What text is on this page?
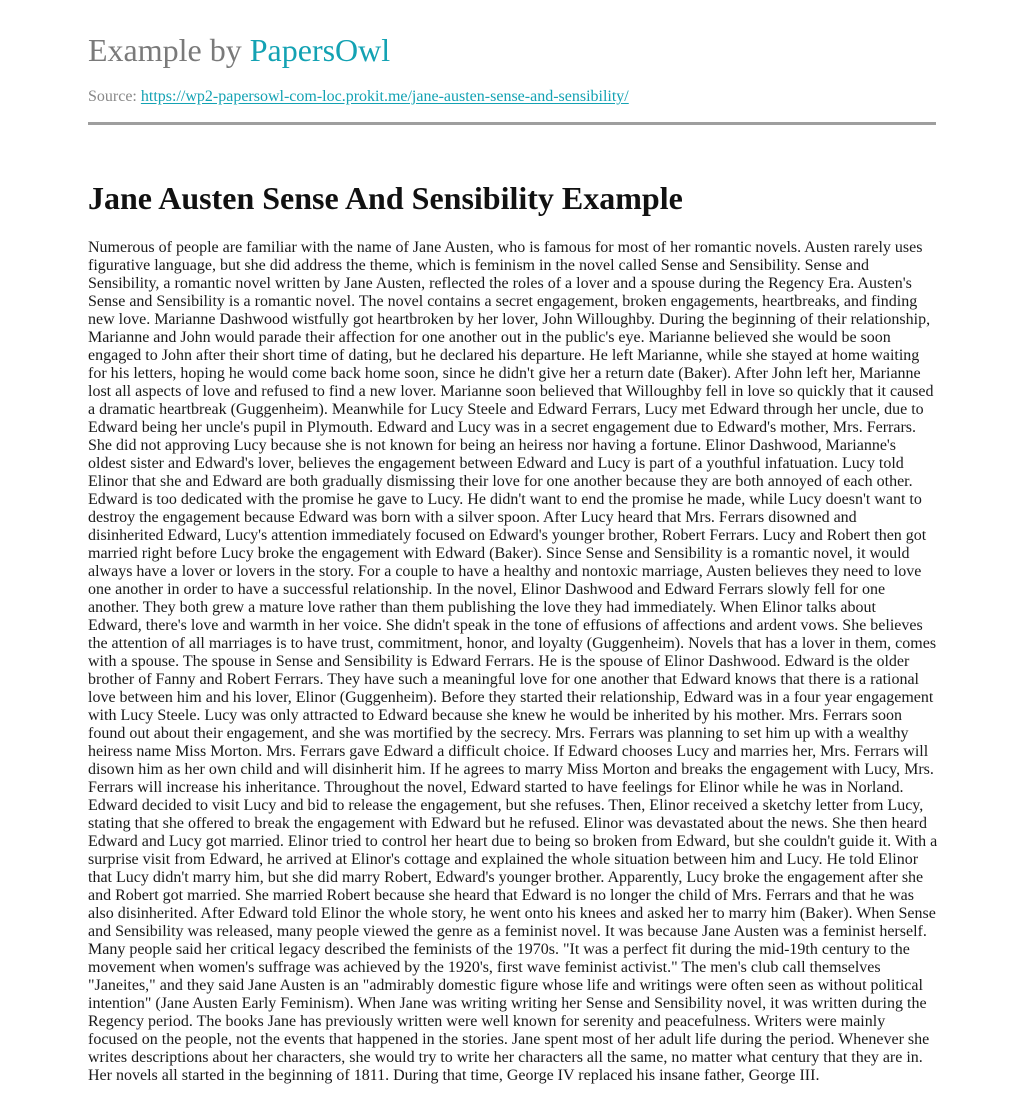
Example by PapersOwl

Source: https://wp2-papersowl-com-loc.prokit.me/jane-austen-sense-and-sensibility/
Jane Austen Sense And Sensibility Example

Numerous of people are familiar with the name of Jane Austen, who is famous for most of her romantic novels. Austen rarely uses
figurative language, but she did address the theme, which is feminism in the novel called Sense and Sensibility. Sense and
Sensibility, a romantic novel written by Jane Austen, reflected the roles of a lover and a spouse during the Regency Era. Austen's
Sense and Sensibility is a romantic novel. The novel contains a secret engagement, broken engagements, heartbreaks, and finding
new love. Marianne Dashwood wistfully got heartbroken by her lover, John Willoughby. During the beginning of their relationship,
Marianne and John would parade their affection for one another out in the public's eye. Marianne believed she would be soon
engaged to John after their short time of dating, but he declared his departure. He left Marianne, while she stayed at home waiting
for his letters, hoping he would come back home soon, since he didn't give her a return date (Baker). After John left her, Marianne
lost all aspects of love and refused to find a new lover. Marianne soon believed that Willoughby fell in love so quickly that it caused
a dramatic heartbreak (Guggenheim). Meanwhile for Lucy Steele and Edward Ferrars, Lucy met Edward through her uncle, due to
Edward being her uncle's pupil in Plymouth. Edward and Lucy was in a secret engagement due to Edward's mother, Mrs. Ferrars.
She did not approving Lucy because she is not known for being an heiress nor having a fortune. Elinor Dashwood, Marianne's
oldest sister and Edward's lover, believes the engagement between Edward and Lucy is part of a youthful infatuation. Lucy told
Elinor that she and Edward are both gradually dismissing their love for one another because they are both annoyed of each other.
Edward is too dedicated with the promise he gave to Lucy. He didn't want to end the promise he made, while Lucy doesn't want to
destroy the engagement because Edward was born with a silver spoon. After Lucy heard that Mrs. Ferrars disowned and
disinherited Edward, Lucy's attention immediately focused on Edward's younger brother, Robert Ferrars. Lucy and Robert then got
married right before Lucy broke the engagement with Edward (Baker). Since Sense and Sensibility is a romantic novel, it would
always have a lover or lovers in the story. For a couple to have a healthy and nontoxic marriage, Austen believes they need to love
one another in order to have a successful relationship. In the novel, Elinor Dashwood and Edward Ferrars slowly fell for one
another. They both grew a mature love rather than them publishing the love they had immediately. When Elinor talks about
Edward, there's love and warmth in her voice. She didn't speak in the tone of effusions of affections and ardent vows. She believes
the attention of all marriages is to have trust, commitment, honor, and loyalty (Guggenheim). Novels that has a lover in them, comes
with a spouse. The spouse in Sense and Sensibility is Edward Ferrars. He is the spouse of Elinor Dashwood. Edward is the older
brother of Fanny and Robert Ferrars. They have such a meaningful love for one another that Edward knows that there is a rational
love between him and his lover, Elinor (Guggenheim). Before they started their relationship, Edward was in a four year engagement
with Lucy Steele. Lucy was only attracted to Edward because she knew he would be inherited by his mother. Mrs. Ferrars soon
found out about their engagement, and she was mortified by the secrecy. Mrs. Ferrars was planning to set him up with a wealthy
heiress name Miss Morton. Mrs. Ferrars gave Edward a difficult choice. If Edward chooses Lucy and marries her, Mrs. Ferrars will
disown him as her own child and will disinherit him. If he agrees to marry Miss Morton and breaks the engagement with Lucy, Mrs.
Ferrars will increase his inheritance. Throughout the novel, Edward started to have feelings for Elinor while he was in Norland.
Edward decided to visit Lucy and bid to release the engagement, but she refuses. Then, Elinor received a sketchy letter from Lucy,
stating that she offered to break the engagement with Edward but he refused. Elinor was devastated about the news. She then heard
Edward and Lucy got married. Elinor tried to control her heart due to being so broken from Edward, but she couldn't guide it. With a
surprise visit from Edward, he arrived at Elinor's cottage and explained the whole situation between him and Lucy. He told Elinor
that Lucy didn't marry him, but she did marry Robert, Edward's younger brother. Apparently, Lucy broke the engagement after she
and Robert got married. She married Robert because she heard that Edward is no longer the child of Mrs. Ferrars and that he was
also disinherited. After Edward told Elinor the whole story, he went onto his knees and asked her to marry him (Baker). When Sense
and Sensibility was released, many people viewed the genre as a feminist novel. It was because Jane Austen was a feminist herself.
Many people said her critical legacy described the feminists of the 1970s. "It was a perfect fit during the mid-19th century to the
movement when women's suffrage was achieved by the 1920's, first wave feminist activist." The men's club call themselves
"Janeites," and they said Jane Austen is an "admirably domestic figure whose life and writings were often seen as without political
intention" (Jane Austen Early Feminism). When Jane was writing writing her Sense and Sensibility novel, it was written during the
Regency period. The books Jane has previously written were well known for serenity and peacefulness. Writers were mainly
focused on the people, not the events that happened in the stories. Jane spent most of her adult life during the period. Whenever she
writes descriptions about her characters, she would try to write her characters all the same, no matter what century that they are in.
Her novels all started in the beginning of 1811. During that time, George IV replaced his insane father, George III.
